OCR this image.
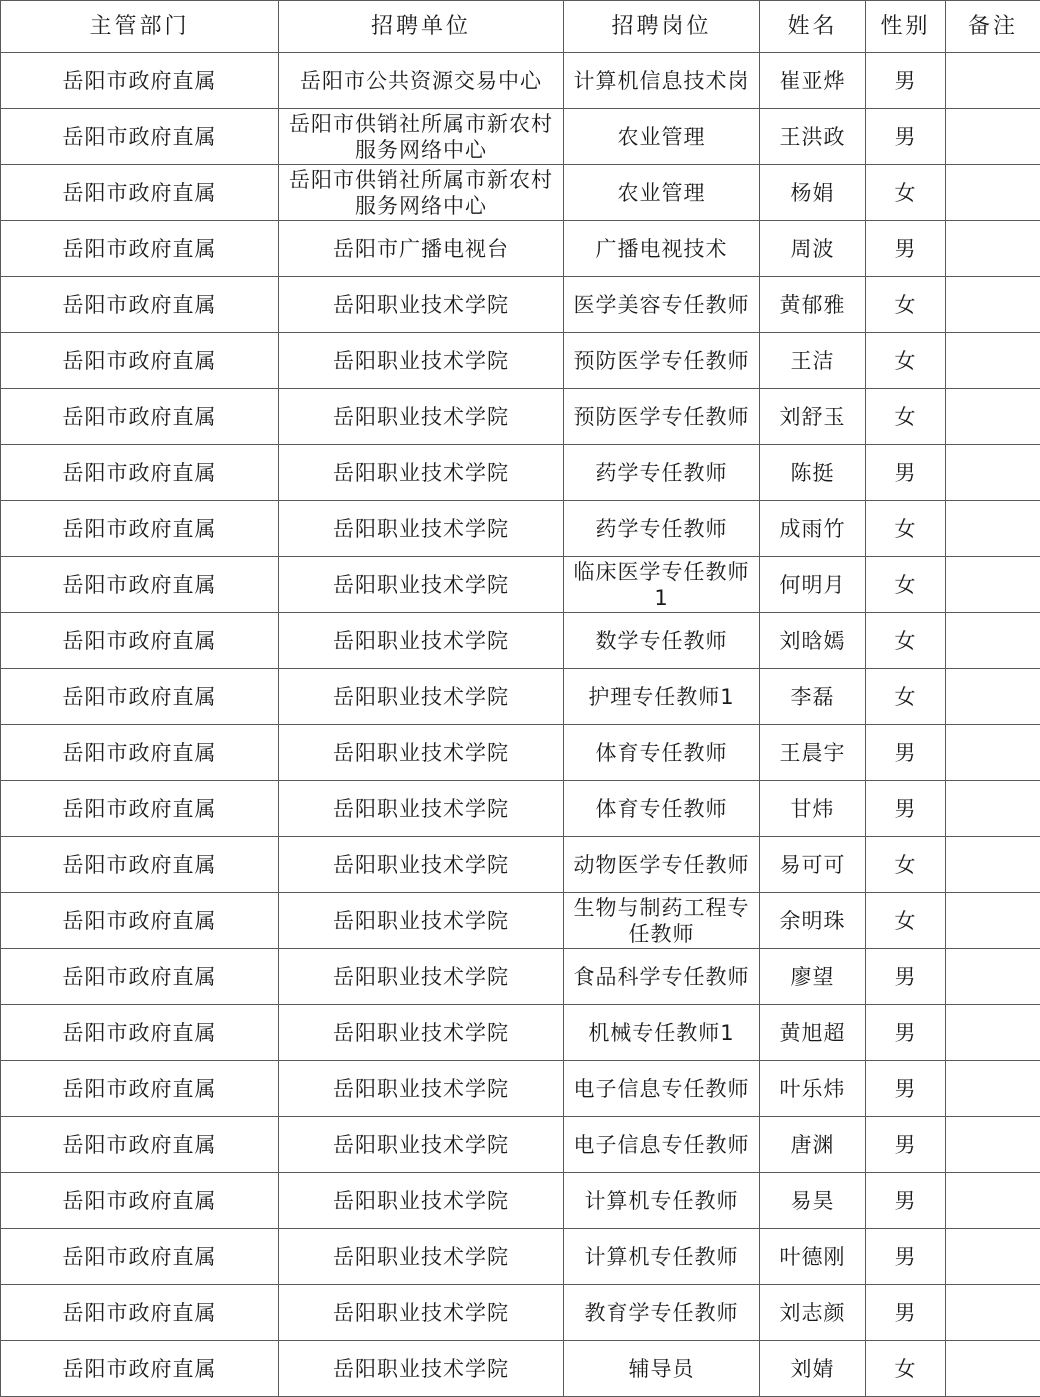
主管部门	招聘单位	招聘岗位	姓名	性别	备注
岳阳市政府直属	岳阳市公共资源交易中心	计算机信息技术岗	崔亚烨	男	
岳阳市政府直属	岳阳市供销社所属市新农村服务网络中心	农业管理	王洪政	男	
岳阳市政府直属	岳阳市供销社所属市新农村服务网络中心	农业管理	杨娟	女	
岳阳市政府直属	岳阳市广播电视台	广播电视技术	周波	男	
岳阳市政府直属	岳阳职业技术学院	医学美容专任教师	黄郁雅	女	
岳阳市政府直属	岳阳职业技术学院	预防医学专任教师	王洁	女	
岳阳市政府直属	岳阳职业技术学院	预防医学专任教师	刘舒玉	女	
岳阳市政府直属	岳阳职业技术学院	药学专任教师	陈挺	男	
岳阳市政府直属	岳阳职业技术学院	药学专任教师	成雨竹	女	
岳阳市政府直属	岳阳职业技术学院	临床医学专任教师1	何明月	女	
岳阳市政府直属	岳阳职业技术学院	数学专任教师	刘晗嫣	女	
岳阳市政府直属	岳阳职业技术学院	护理专任教师1	李磊	女	
岳阳市政府直属	岳阳职业技术学院	体育专任教师	王晨宇	男	
岳阳市政府直属	岳阳职业技术学院	体育专任教师	甘炜	男	
岳阳市政府直属	岳阳职业技术学院	动物医学专任教师	易可可	女	
岳阳市政府直属	岳阳职业技术学院	生物与制药工程专任教师	余明珠	女	
岳阳市政府直属	岳阳职业技术学院	食品科学专任教师	廖望	男	
岳阳市政府直属	岳阳职业技术学院	机械专任教师1	黄旭超	男	
岳阳市政府直属	岳阳职业技术学院	电子信息专任教师	叶乐炜	男	
岳阳市政府直属	岳阳职业技术学院	电子信息专任教师	唐渊	男	
岳阳市政府直属	岳阳职业技术学院	计算机专任教师	易昊	男	
岳阳市政府直属	岳阳职业技术学院	计算机专任教师	叶德刚	男	
岳阳市政府直属	岳阳职业技术学院	教育学专任教师	刘志颜	男	
岳阳市政府直属	岳阳职业技术学院	辅导员	刘婧	女	
